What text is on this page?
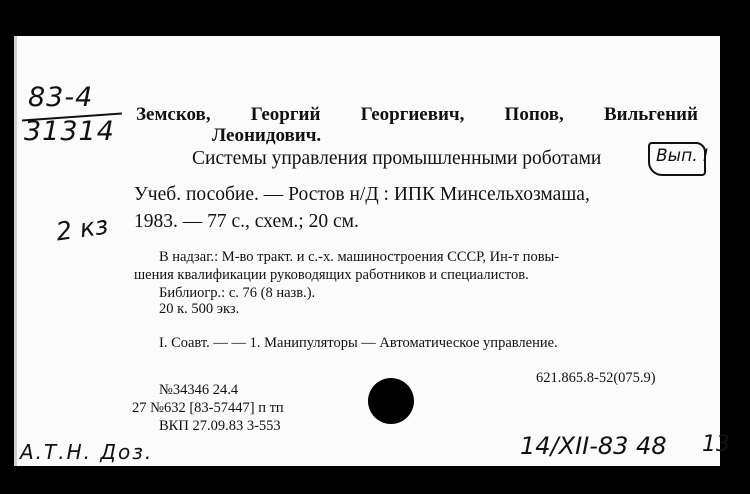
83-4
31314
Земсков, Георгий Георгиевич, Попов, Вильгений
Леонидович.
Системы управления промышленными роботами	Вып. I
Учеб. пособие. — Ростов н/Д : ИПК Минсельхозмаша,
1983. — 77 с., схем.; 20 см.
2 кз
В надзаг.: М-во тракт. и с.-х. машиностроения СССР, Ин-т повы-
шения квалификации руководящих работников и специалистов.
Библиогр.: с. 76 (8 назв.).
20 к. 500 экз.
I. Соавт. — — 1. Манипуляторы — Автоматическое управление.
621.865.8-52(075.9)
№34346 24.4
27 №632 [83-57447] п тп
ВКП 27.09.83 3-553
А.Т.Н. Доз.	14/XII-83 48 13
